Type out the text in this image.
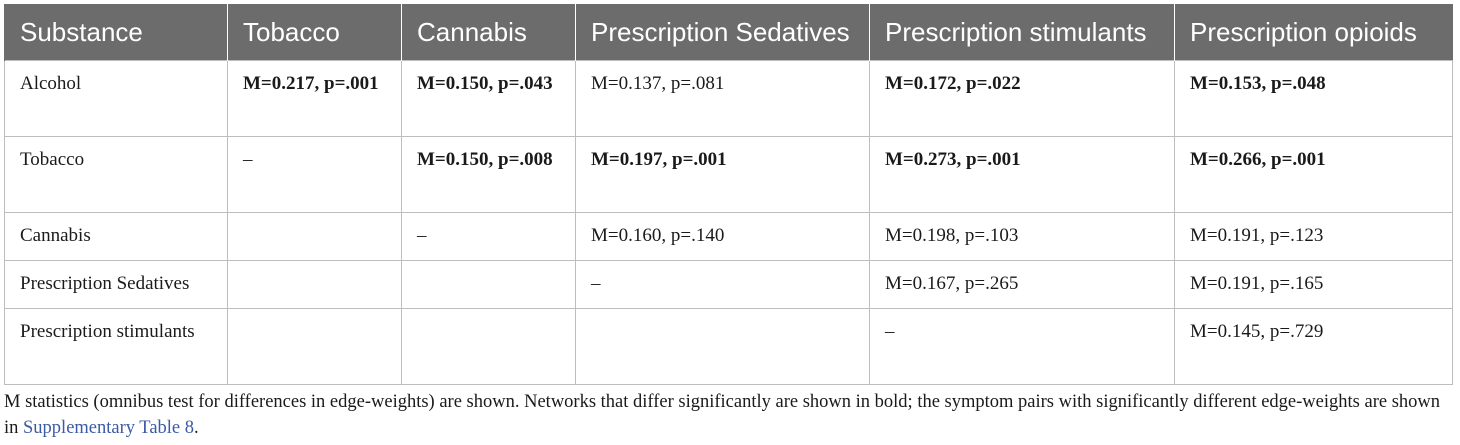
Substance	Tobacco	Cannabis	Prescription Sedatives	Prescription stimulants	Prescription opioids
Alcohol	M=0.217, p=.001	M=0.150, p=.043	M=0.137, p=.081	M=0.172, p=.022	M=0.153, p=.048
Tobacco	–	M=0.150, p=.008	M=0.197, p=.001	M=0.273, p=.001	M=0.266, p=.001
Cannabis		–	M=0.160, p=.140	M=0.198, p=.103	M=0.191, p=.123
Prescription Sedatives			–	M=0.167, p=.265	M=0.191, p=.165
Prescription stimulants				–	M=0.145, p=.729
M statistics (omnibus test for differences in edge-weights) are shown. Networks that differ significantly are shown in bold; the symptom pairs with significantly different edge-weights are shown in Supplementary Table 8.
